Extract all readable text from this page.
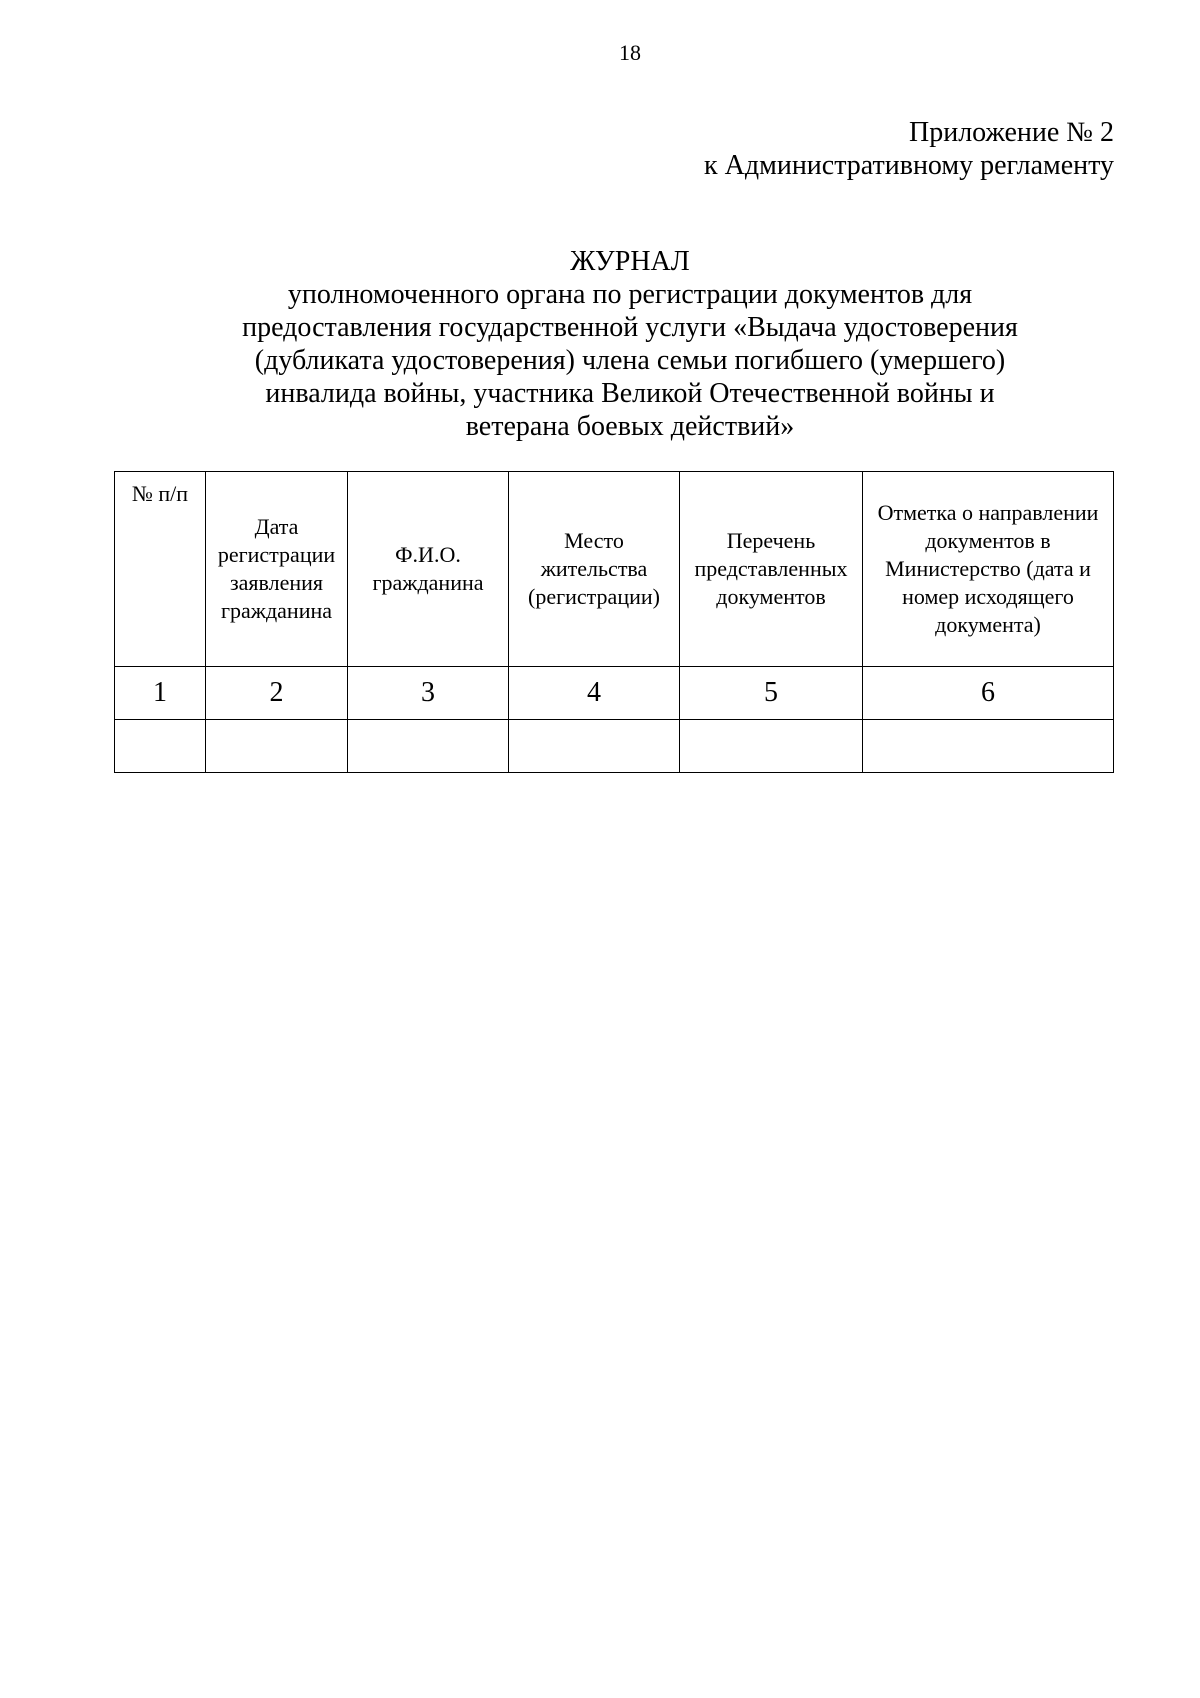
18
Приложение № 2
к Административному регламенту
ЖУРНАЛ
уполномоченного органа по регистрации документов для предоставления государственной услуги «Выдача удостоверения (дубликата удостоверения) члена семьи погибшего (умершего) инвалида войны, участника Великой Отечественной войны и ветерана боевых действий»
№ п/п	Дата регистрации заявления гражданина	Ф.И.О. гражданина	Место жительства (регистрации)	Перечень представленных документов	Отметка о направлении документов в Министерство (дата и номер исходящего документа)
1	2	3	4	5	6
